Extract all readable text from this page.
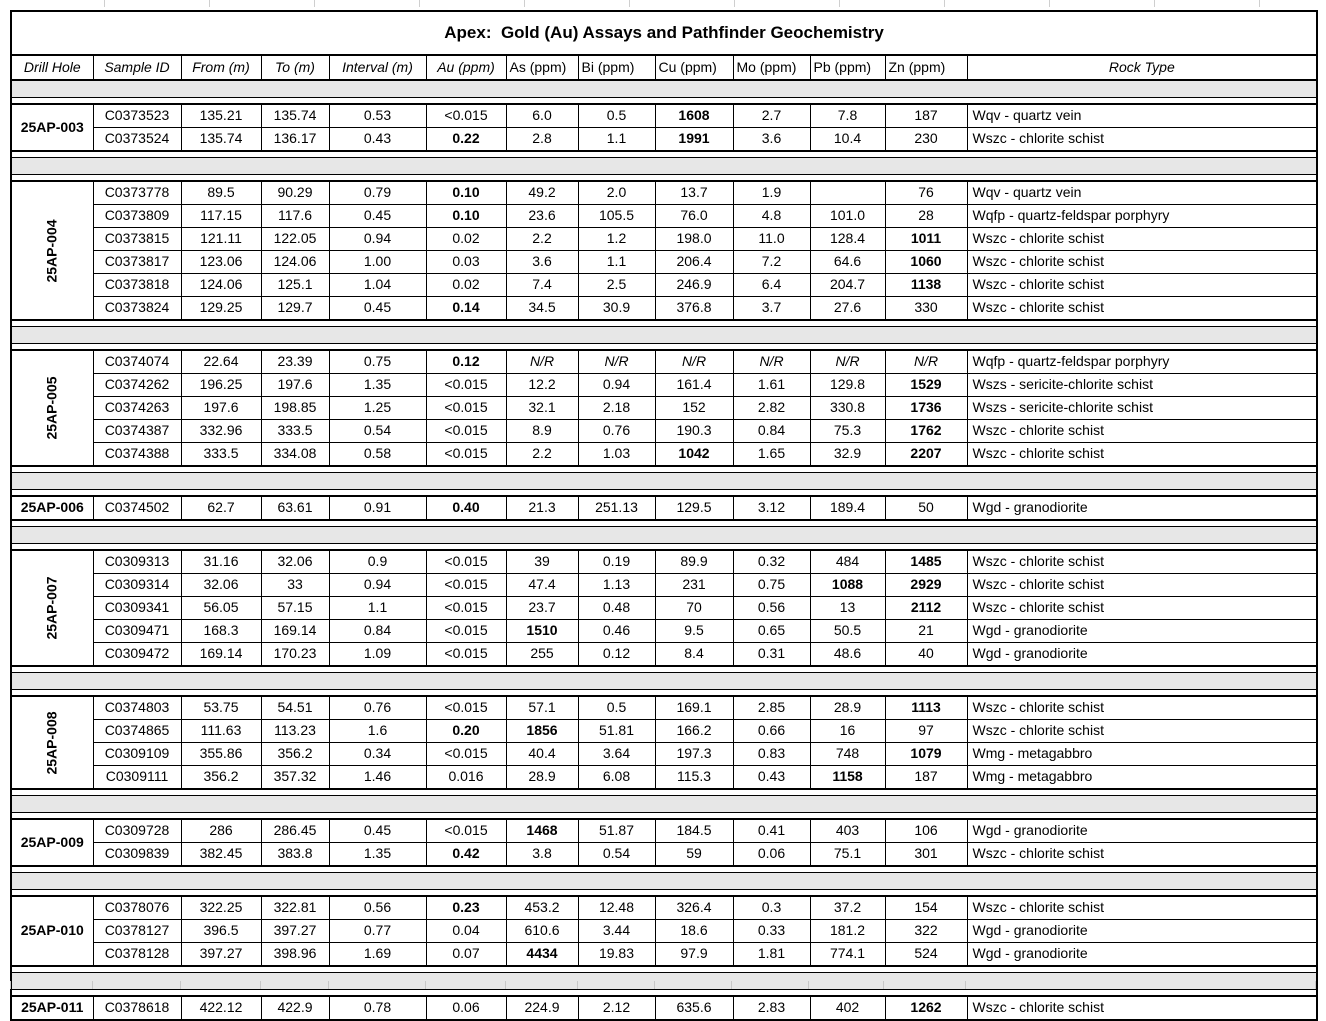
Apex:  Gold (Au) Assays and Pathfinder Geochemistry												
Drill Hole	Sample ID	From (m)	To (m)	Interval (m)	Au (ppm)	As (ppm)	Bi (ppm)	Cu (ppm)	Mo (ppm)	Pb (ppm)	Zn (ppm)	Rock Type

25AP-003	C0373523	135.21	135.74	0.53	<0.015	6.0	0.5	1608	2.7	7.8	187	Wqv - quartz vein
	C0373524	135.74	136.17	0.43	0.22	2.8	1.1	1991	3.6	10.4	230	Wszc - chlorite schist

25AP-004	C0373778	89.5	90.29	0.79	0.10	49.2	2.0	13.7	1.9		76	Wqv - quartz vein
	C0373809	117.15	117.6	0.45	0.10	23.6	105.5	76.0	4.8	101.0	28	Wqfp - quartz-feldspar porphyry
	C0373815	121.11	122.05	0.94	0.02	2.2	1.2	198.0	11.0	128.4	1011	Wszc - chlorite schist
	C0373817	123.06	124.06	1.00	0.03	3.6	1.1	206.4	7.2	64.6	1060	Wszc - chlorite schist
	C0373818	124.06	125.1	1.04	0.02	7.4	2.5	246.9	6.4	204.7	1138	Wszc - chlorite schist
	C0373824	129.25	129.7	0.45	0.14	34.5	30.9	376.8	3.7	27.6	330	Wszc - chlorite schist

25AP-005	C0374074	22.64	23.39	0.75	0.12	N/R	N/R	N/R	N/R	N/R	N/R	Wqfp - quartz-feldspar porphyry
	C0374262	196.25	197.6	1.35	<0.015	12.2	0.94	161.4	1.61	129.8	1529	Wszs - sericite-chlorite schist
	C0374263	197.6	198.85	1.25	<0.015	32.1	2.18	152	2.82	330.8	1736	Wszs - sericite-chlorite schist
	C0374387	332.96	333.5	0.54	<0.015	8.9	0.76	190.3	0.84	75.3	1762	Wszc - chlorite schist
	C0374388	333.5	334.08	0.58	<0.015	2.2	1.03	1042	1.65	32.9	2207	Wszc - chlorite schist

25AP-006	C0374502	62.7	63.61	0.91	0.40	21.3	251.13	129.5	3.12	189.4	50	Wgd - granodiorite

25AP-007	C0309313	31.16	32.06	0.9	<0.015	39	0.19	89.9	0.32	484	1485	Wszc - chlorite schist
	C0309314	32.06	33	0.94	<0.015	47.4	1.13	231	0.75	1088	2929	Wszc - chlorite schist
	C0309341	56.05	57.15	1.1	<0.015	23.7	0.48	70	0.56	13	2112	Wszc - chlorite schist
	C0309471	168.3	169.14	0.84	<0.015	1510	0.46	9.5	0.65	50.5	21	Wgd - granodiorite
	C0309472	169.14	170.23	1.09	<0.015	255	0.12	8.4	0.31	48.6	40	Wgd - granodiorite

25AP-008	C0374803	53.75	54.51	0.76	<0.015	57.1	0.5	169.1	2.85	28.9	1113	Wszc - chlorite schist
	C0374865	111.63	113.23	1.6	0.20	1856	51.81	166.2	0.66	16	97	Wszc - chlorite schist
	C0309109	355.86	356.2	0.34	<0.015	40.4	3.64	197.3	0.83	748	1079	Wmg - metagabbro
	C0309111	356.2	357.32	1.46	0.016	28.9	6.08	115.3	0.43	1158	187	Wmg - metagabbro

25AP-009	C0309728	286	286.45	0.45	<0.015	1468	51.87	184.5	0.41	403	106	Wgd - granodiorite
	C0309839	382.45	383.8	1.35	0.42	3.8	0.54	59	0.06	75.1	301	Wszc - chlorite schist

25AP-010	C0378076	322.25	322.81	0.56	0.23	453.2	12.48	326.4	0.3	37.2	154	Wszc - chlorite schist
	C0378127	396.5	397.27	0.77	0.04	610.6	3.44	18.6	0.33	181.2	322	Wgd - granodiorite
	C0378128	397.27	398.96	1.69	0.07	4434	19.83	97.9	1.81	774.1	524	Wgd - granodiorite

25AP-011	C0378618	422.12	422.9	0.78	0.06	224.9	2.12	635.6	2.83	402	1262	Wszc - chlorite schist
